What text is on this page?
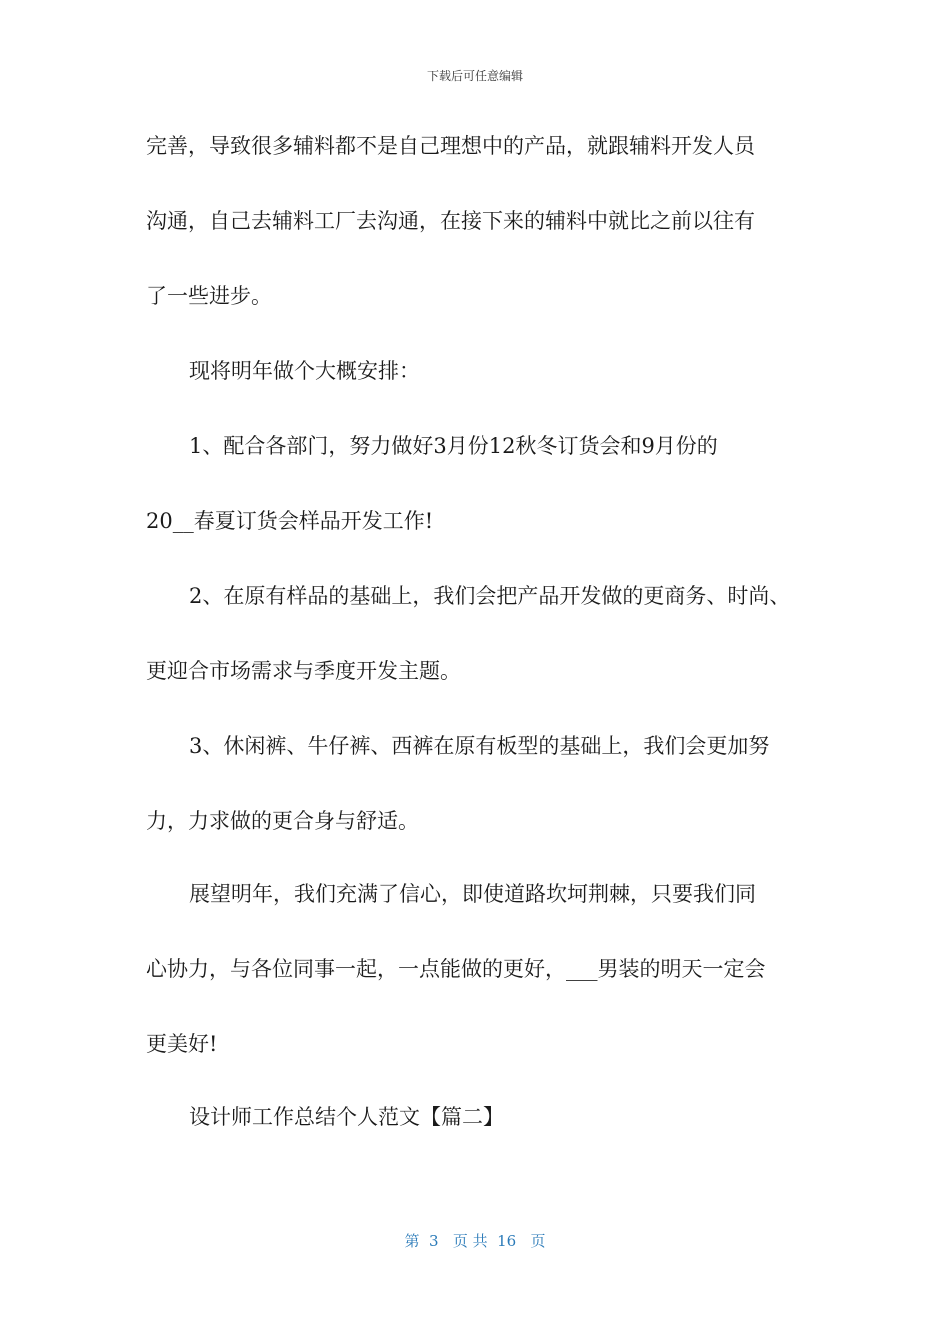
下载后可任意编辑
完善，导致很多辅料都不是自己理想中的产品，就跟辅料开发人员
沟通，自己去辅料工厂去沟通，在接下来的辅料中就比之前以往有
了一些进步。
现将明年做个大概安排：
1、配合各部门，努力做好3月份12秋冬订货会和9月份的
20__春夏订货会样品开发工作!
2、在原有样品的基础上，我们会把产品开发做的更商务、时尚、
更迎合市场需求与季度开发主题。
3、休闲裤、牛仔裤、西裤在原有板型的基础上，我们会更加努
力，力求做的更合身与舒适。
展望明年，我们充满了信心，即使道路坎坷荆棘，只要我们同
心协力，与各位同事一起，一点能做的更好，___男装的明天一定会
更美好!
设计师工作总结个人范文【篇二】
第  3   页 共  16   页
